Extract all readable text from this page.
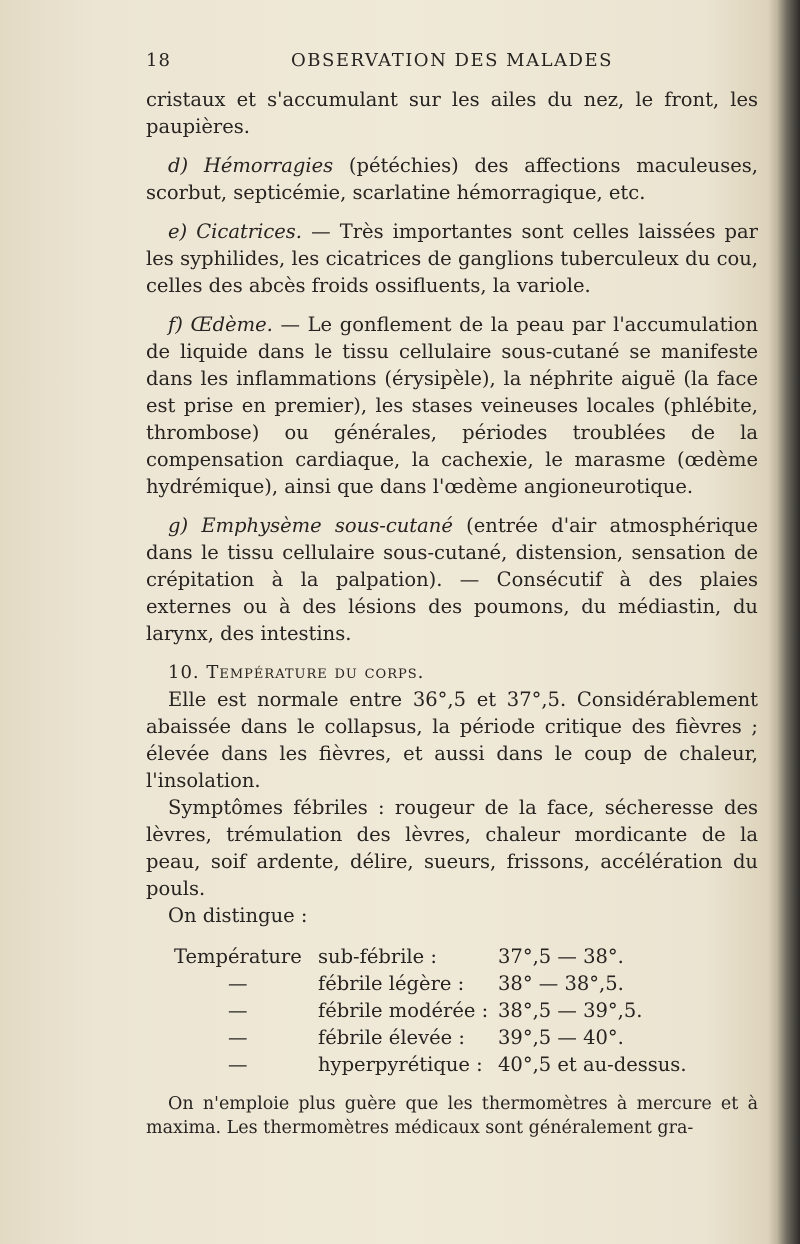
18	OBSERVATION DES MALADES

cristaux et s'accumulant sur les ailes du nez, le front, les paupières.

d) Hémorragies (pétéchies) des affections maculeuses, scorbut, septicémie, scarlatine hémorragique, etc.

e) Cicatrices. — Très importantes sont celles laissées par les syphilides, les cicatrices de ganglions tuberculeux du cou, celles des abcès froids ossifluents, la variole.

f) Œdème. — Le gonflement de la peau par l'accumulation de liquide dans le tissu cellulaire sous-cutané se manifeste dans les inflammations (érysipèle), la néphrite aiguë (la face est prise en premier), les stases veineuses locales (phlébite, thrombose) ou générales, périodes troublées de la compensation cardiaque, la cachexie, le marasme (œdème hydrémique), ainsi que dans l'œdème angioneurotique.

g) Emphysème sous-cutané (entrée d'air atmosphérique dans le tissu cellulaire sous-cutané, distension, sensation de crépitation à la palpation). — Consécutif à des plaies externes ou à des lésions des poumons, du médiastin, du larynx, des intestins.

10. Température du corps.

Elle est normale entre 36°,5 et 37°,5. Considérablement abaissée dans le collapsus, la période critique des fièvres ; élevée dans les fièvres, et aussi dans le coup de chaleur, l'insolation.

Symptômes fébriles : rougeur de la face, sécheresse des lèvres, trémulation des lèvres, chaleur mordicante de la peau, soif ardente, délire, sueurs, frissons, accélération du pouls.

On distingue :

Température sub-fébrile :	37°,5 — 38°.
—	fébrile légère : 38° — 38°,5.
—	fébrile modérée : 38°,5 — 39°,5.
—	fébrile élevée : 39°,5 — 40°.
—	hyperpyrétique : 40°,5 et au-dessus.

On n'emploie plus guère que les thermomètres à mercure et à maxima. Les thermomètres médicaux sont généralement gra-
